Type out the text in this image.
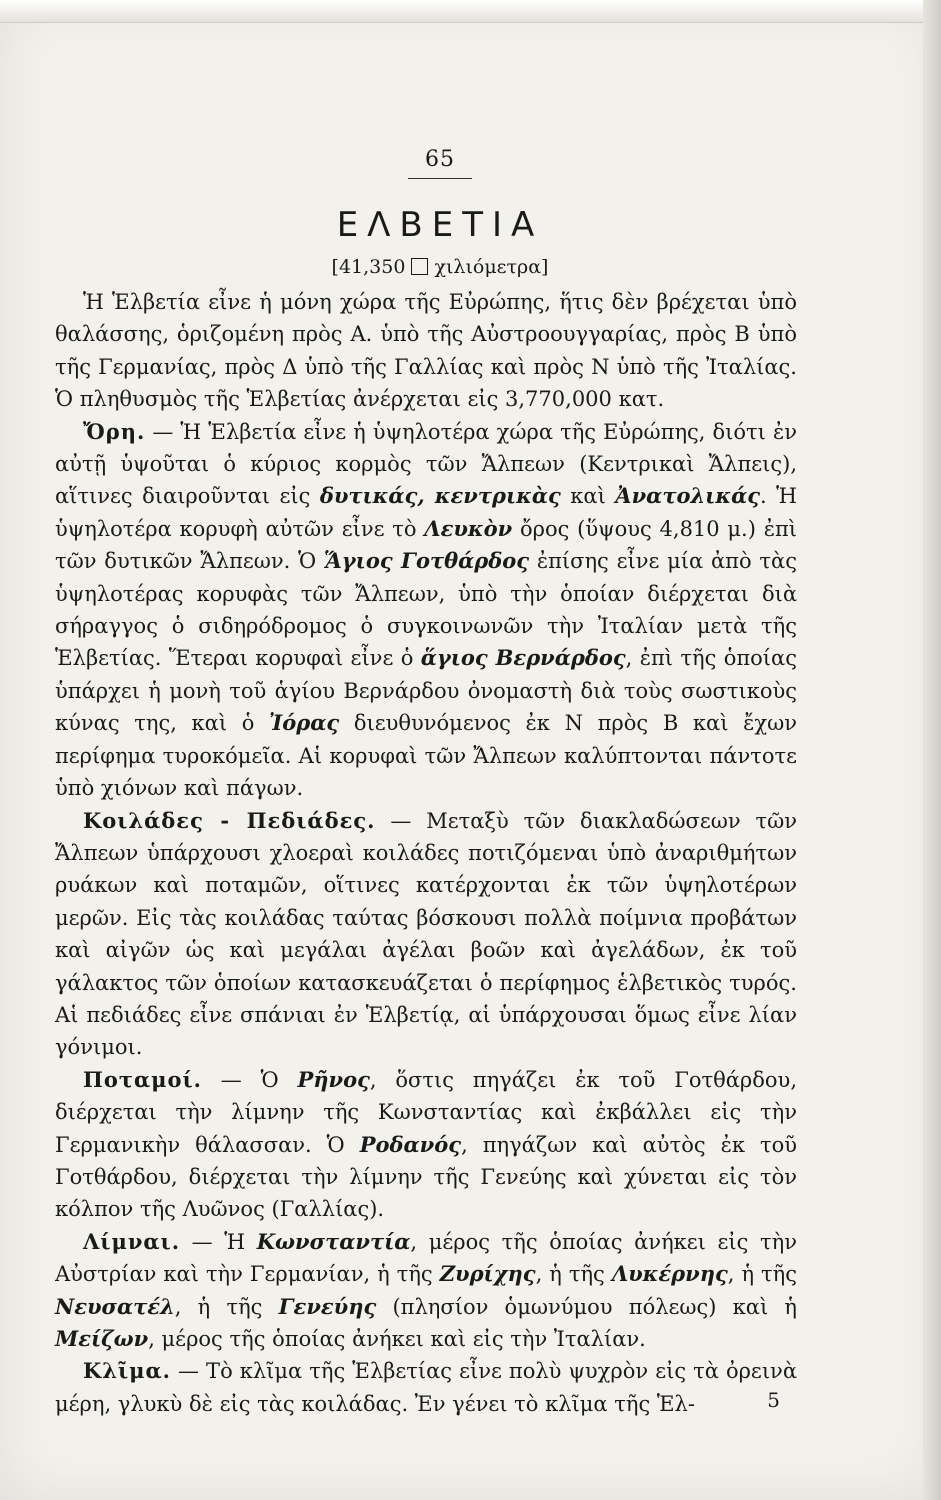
65
ΕΛΒΕΤΙΑ
[41,350 χιλιόμετρα]

Ἡ Ἑλβετία εἶνε ἡ μόνη χώρα τῆς Εὐρώπης, ἥτις δὲν βρέχεται ὑπὸ θαλάσσης, ὁριζομένη πρὸς Α. ὑπὸ τῆς Αὐστροουγγαρίας, πρὸς Β ὑπὸ τῆς Γερμανίας, πρὸς Δ ὑπὸ τῆς Γαλλίας καὶ πρὸς Ν ὑπὸ τῆς Ἰταλίας. Ὁ πληθυσμὸς τῆς Ἑλβετίας ἀνέρχεται εἰς 3,770,000 κατ.

Ὄρη. — Ἡ Ἑλβετία εἶνε ἡ ὑψηλοτέρα χώρα τῆς Εὐρώπης, διότι ἐν αὐτῇ ὑψοῦται ὁ κύριος κορμὸς τῶν Ἄλπεων (Κεντρικαὶ Ἄλπεις), αἵτινες διαιροῦνται εἰς δυτικάς, κεντρικὰς καὶ Ἀνατολικάς. Ἡ ὑψηλοτέρα κορυφὴ αὐτῶν εἶνε τὸ Λευκὸν ὄρος (ὕψους 4,810 μ.) ἐπὶ τῶν δυτικῶν Ἄλπεων. Ὁ Ἅγιος Γοτθάρδος ἐπίσης εἶνε μία ἀπὸ τὰς ὑψηλοτέρας κορυφὰς τῶν Ἄλπεων, ὑπὸ τὴν ὁποίαν διέρχεται διὰ σήραγγος ὁ σιδηρόδρομος ὁ συγκοινωνῶν τὴν Ἰταλίαν μετὰ τῆς Ἑλβετίας. Ἕτεραι κορυφαὶ εἶνε ὁ ἅγιος Βερνάρδος, ἐπὶ τῆς ὁποίας ὑπάρχει ἡ μονὴ τοῦ ἁγίου Βερνάρδου ὀνομαστὴ διὰ τοὺς σωστικοὺς κύνας της, καὶ ὁ Ἰόρας διευθυνόμενος ἐκ Ν πρὸς Β καὶ ἔχων περίφημα τυροκόμεῖα. Αἱ κορυφαὶ τῶν Ἄλπεων καλύπτονται πάντοτε ὑπὸ χιόνων καὶ πάγων.

Κοιλάδες - Πεδιάδες. — Μεταξὺ τῶν διακλαδώσεων τῶν Ἄλπεων ὑπάρχουσι χλοεραὶ κοιλάδες ποτιζόμεναι ὑπὸ ἀναριθμήτων ρυάκων καὶ ποταμῶν, οἵτινες κατέρχονται ἐκ τῶν ὑψηλοτέρων μερῶν. Εἰς τὰς κοιλάδας ταύτας βόσκουσι πολλὰ ποίμνια προβάτων καὶ αἰγῶν ὡς καὶ μεγάλαι ἀγέλαι βοῶν καὶ ἀγελάδων, ἐκ τοῦ γάλακτος τῶν ὁποίων κατασκευάζεται ὁ περίφημος ἑλβετικὸς τυρός. Αἱ πεδιάδες εἶνε σπάνιαι ἐν Ἑλβετίᾳ, αἱ ὑπάρχουσαι ὅμως εἶνε λίαν γόνιμοι.

Ποταμοί. — Ὁ Ρῆνος, ὅστις πηγάζει ἐκ τοῦ Γοτθάρδου, διέρχεται τὴν λίμνην τῆς Κωνσταντίας καὶ ἐκβάλλει εἰς τὴν Γερμανικὴν θάλασσαν. Ὁ Ροδανός, πηγάζων καὶ αὐτὸς ἐκ τοῦ Γοτθάρδου, διέρχεται τὴν λίμνην τῆς Γενεύης καὶ χύνεται εἰς τὸν κόλπον τῆς Λυῶνος (Γαλλίας).

Λίμναι. — Ἡ Κωνσταντία, μέρος τῆς ὁποίας ἀνήκει εἰς τὴν Αὐστρίαν καὶ τὴν Γερμανίαν, ἡ τῆς Ζυρίχης, ἡ τῆς Λυκέρνης, ἡ τῆς Νευσατέλ, ἡ τῆς Γενεύης (πλησίον ὁμωνύμου πόλεως) καὶ ἡ Μείζων, μέρος τῆς ὁποίας ἀνήκει καὶ εἰς τὴν Ἰταλίαν.

Κλῖμα. — Τὸ κλῖμα τῆς Ἑλβετίας εἶνε πολὺ ψυχρὸν εἰς τὰ ὀρεινὰ μέρη, γλυκὺ δὲ εἰς τὰς κοιλάδας. Ἐν γένει τὸ κλῖμα τῆς Ἑλ-	5
